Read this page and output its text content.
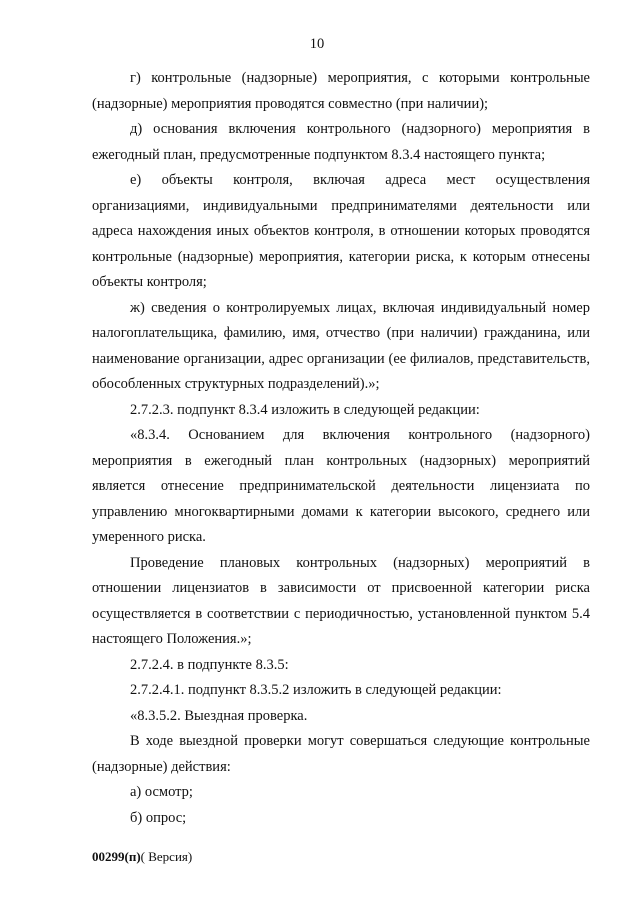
10

г) контрольные (надзорные) мероприятия, с которыми контрольные (надзорные) мероприятия проводятся совместно (при наличии);

д) основания включения контрольного (надзорного) мероприятия в ежегодный план, предусмотренные подпунктом 8.3.4 настоящего пункта;

е) объекты контроля, включая адреса мест осуществления организациями, индивидуальными предпринимателями деятельности или адреса нахождения иных объектов контроля, в отношении которых проводятся контрольные (надзорные) мероприятия, категории риска, к которым отнесены объекты контроля;

ж) сведения о контролируемых лицах, включая индивидуальный номер налогоплательщика, фамилию, имя, отчество (при наличии) гражданина, или наименование организации, адрес организации (ее филиалов, представительств, обособленных структурных подразделений).»;

2.7.2.3. подпункт 8.3.4 изложить в следующей редакции:

«8.3.4. Основанием для включения контрольного (надзорного) мероприятия в ежегодный план контрольных (надзорных) мероприятий является отнесение предпринимательской деятельности лицензиата по управлению многоквартирными домами к категории высокого, среднего или умеренного риска.

Проведение плановых контрольных (надзорных) мероприятий в отношении лицензиатов в зависимости от присвоенной категории риска осуществляется в соответствии с периодичностью, установленной пунктом 5.4 настоящего Положения.»;

2.7.2.4. в подпункте 8.3.5:

2.7.2.4.1. подпункт 8.3.5.2 изложить в следующей редакции:

«8.3.5.2. Выездная проверка.

В ходе выездной проверки могут совершаться следующие контрольные (надзорные) действия:

а) осмотр;

б) опрос;

00299(п)( Версия)
